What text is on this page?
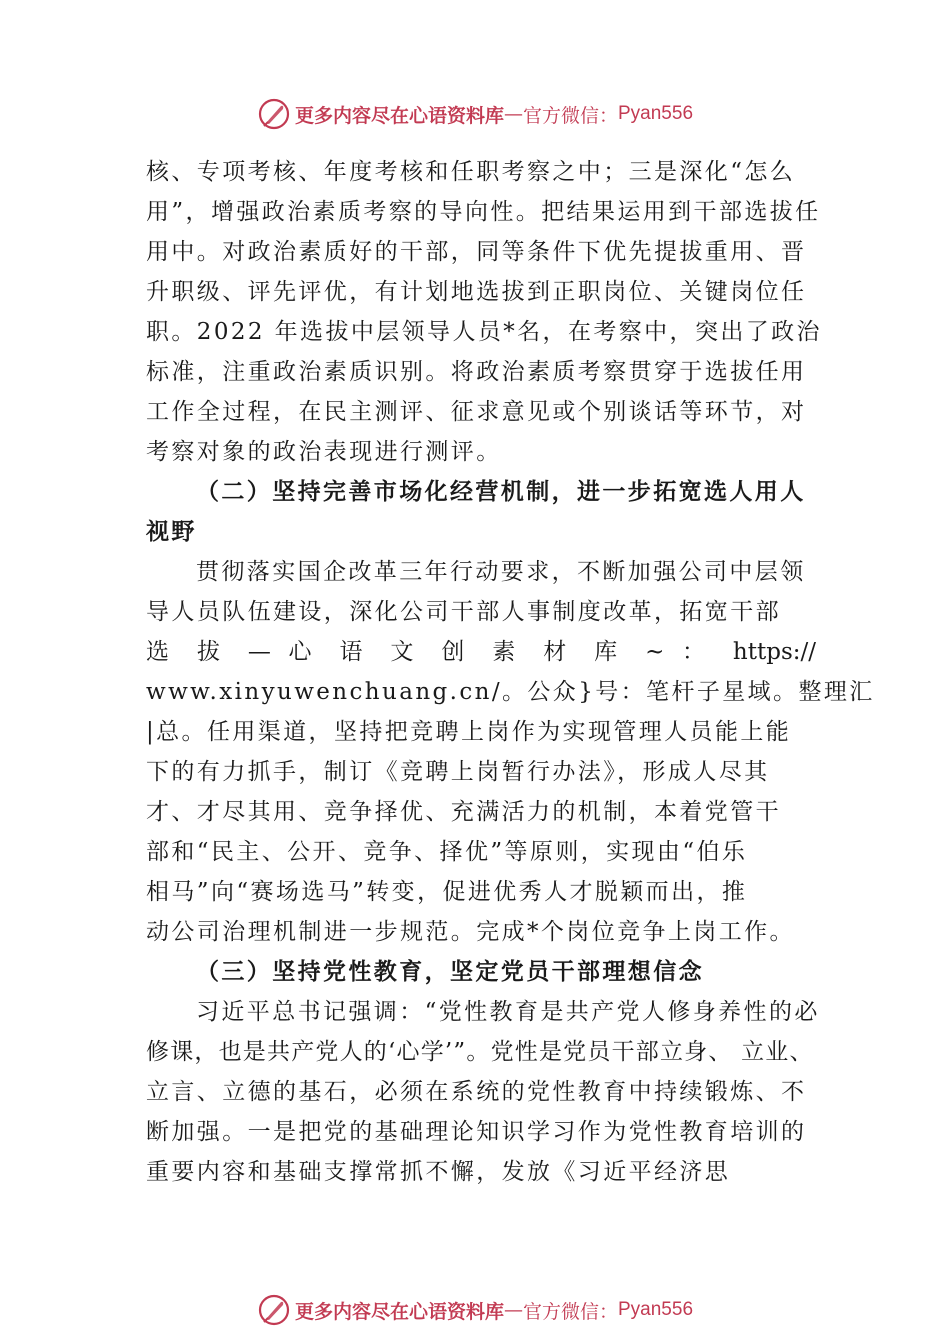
更多内容尽在心语资料库 — 官方微信： Pyan556
核、专项考核、年度考核和任职考察之中；三是深化“怎么
用”，增强政治素质考察的导向性。把结果运用到干部选拔任
用中。对政治素质好的干部，同等条件下优先提拔重用、晋
升职级、评先评优，有计划地选拔到正职岗位、关键岗位任
职。2022 年选拔中层领导人员*名，在考察中，突出了政治
标准，注重政治素质识别。将政治素质考察贯穿于选拔任用
工作全过程，在民主测评、征求意见或个别谈话等环节，对
考察对象的政治表现进行测评。
（二）坚持完善市场化经营机制，进一步拓宽选人用人
视野
贯彻落实国企改革三年行动要求，不断加强公司中层领
导人员队伍建设，深化公司干部人事制度改革，拓宽干部
选 拔 — 心 语 文 创 素 材 库 ~ ： https://
www.xinyuwenchuang.cn/。公众}号：笔杆子星域。整理汇
|总。任用渠道，坚持把竞聘上岗作为实现管理人员能上能
下的有力抓手，制订《竞聘上岗暂行办法》，形成人尽其
才、才尽其用、竞争择优、充满活力的机制，本着党管干
部和“民主、公开、竞争、择优”等原则，实现由“伯乐
相马”向“赛场选马”转变，促进优秀人才脱颖而出，推
动公司治理机制进一步规范。完成*个岗位竞争上岗工作。
（三）坚持党性教育，坚定党员干部理想信念
习近平总书记强调：“党性教育是共产党人修身养性的必
修课，也是共产党人的‘心学’”。党性是党员干部立身、 立业、
立言、立德的基石，必须在系统的党性教育中持续锻炼、不
断加强。一是把党的基础理论知识学习作为党性教育培训的
重要内容和基础支撑常抓不懈，发放《习近平经济思
更多内容尽在心语资料库 — 官方微信： Pyan556
